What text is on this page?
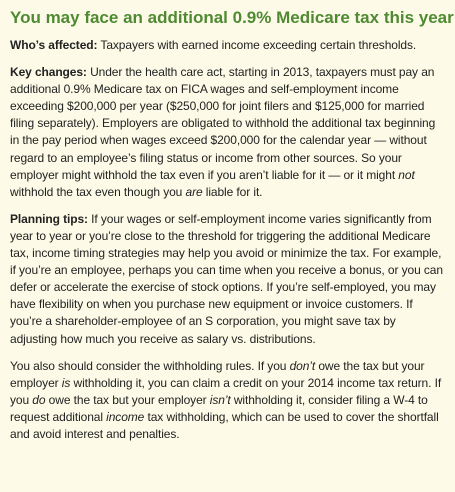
You may face an additional 0.9% Medicare tax this year

Who’s affected: Taxpayers with earned income exceeding certain thresholds.

Key changes: Under the health care act, starting in 2013, taxpayers must pay an additional 0.9% Medicare tax on FICA wages and self-employment income exceeding $200,000 per year ($250,000 for joint filers and $125,000 for married filing separately). Employers are obligated to withhold the additional tax beginning in the pay period when wages exceed $200,000 for the calendar year — without regard to an employee’s filing status or income from other sources. So your employer might withhold the tax even if you aren’t liable for it — or it might not withhold the tax even though you are liable for it.

Planning tips: If your wages or self-employment income varies significantly from year to year or you’re close to the threshold for triggering the additional Medicare tax, income timing strategies may help you avoid or minimize the tax. For example, if you’re an employee, perhaps you can time when you receive a bonus, or you can defer or accelerate the exercise of stock options. If you’re self-employed, you may have flexibility on when you purchase new equipment or invoice customers. If you’re a shareholder-employee of an S corporation, you might save tax by adjusting how much you receive as salary vs. distributions.

You also should consider the withholding rules. If you don’t owe the tax but your employer is withholding it, you can claim a credit on your 2014 income tax return. If you do owe the tax but your employer isn’t withholding it, consider filing a W-4 to request additional income tax withholding, which can be used to cover the shortfall and avoid interest and penalties.
